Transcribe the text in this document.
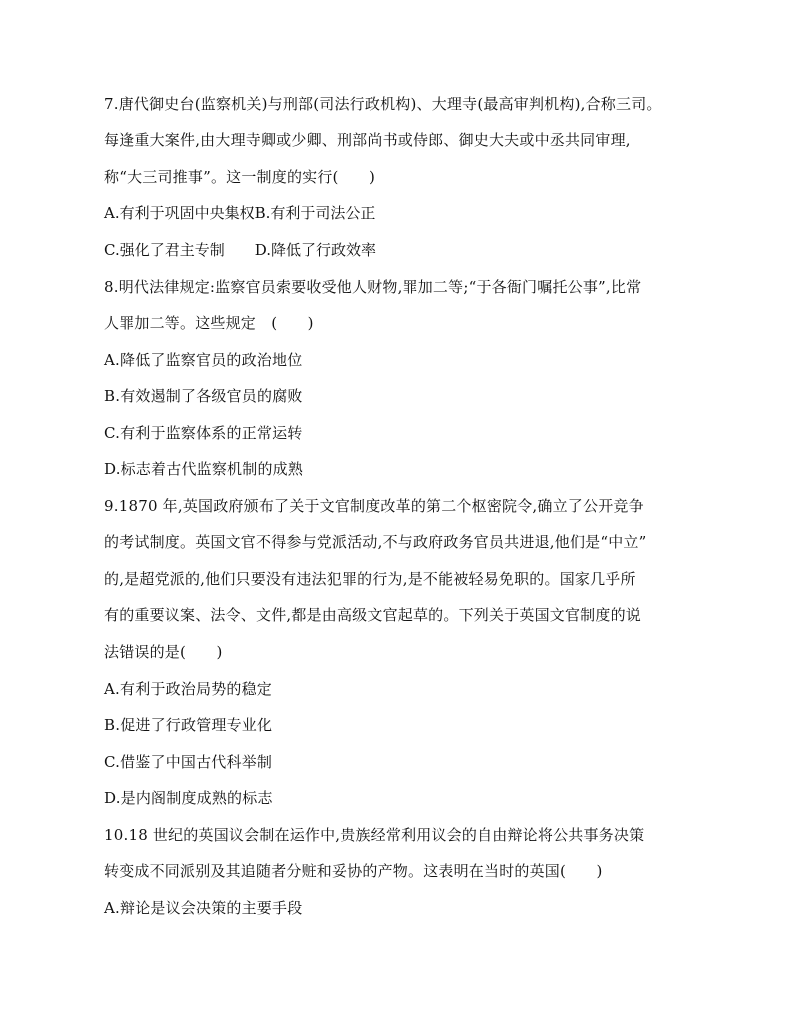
7.唐代御史台(监察机关)与刑部(司法行政机构)、大理寺(最高审判机构),合称三司。
每逢重大案件,由大理寺卿或少卿、刑部尚书或侍郎、御史大夫或中丞共同审理,
称“大三司推事”。这一制度的实行(　　)
A.有利于巩固中央集权B.有利于司法公正
C.强化了君主专制 D.降低了行政效率
8.明代法律规定:监察官员索要收受他人财物,罪加二等;“于各衙门嘱托公事”,比常
人罪加二等。这些规定　(　　)
A.降低了监察官员的政治地位
B.有效遏制了各级官员的腐败
C.有利于监察体系的正常运转
D.标志着古代监察机制的成熟
9.1870 年,英国政府颁布了关于文官制度改革的第二个枢密院令,确立了公开竞争
的考试制度。英国文官不得参与党派活动,不与政府政务官员共进退,他们是“中立”
的,是超党派的,他们只要没有违法犯罪的行为,是不能被轻易免职的。国家几乎所
有的重要议案、法令、文件,都是由高级文官起草的。下列关于英国文官制度的说
法错误的是(　　)
A.有利于政治局势的稳定
B.促进了行政管理专业化
C.借鉴了中国古代科举制
D.是内阁制度成熟的标志
10.18 世纪的英国议会制在运作中,贵族经常利用议会的自由辩论将公共事务决策
转变成不同派别及其追随者分赃和妥协的产物。这表明在当时的英国(　　)
A.辩论是议会决策的主要手段
